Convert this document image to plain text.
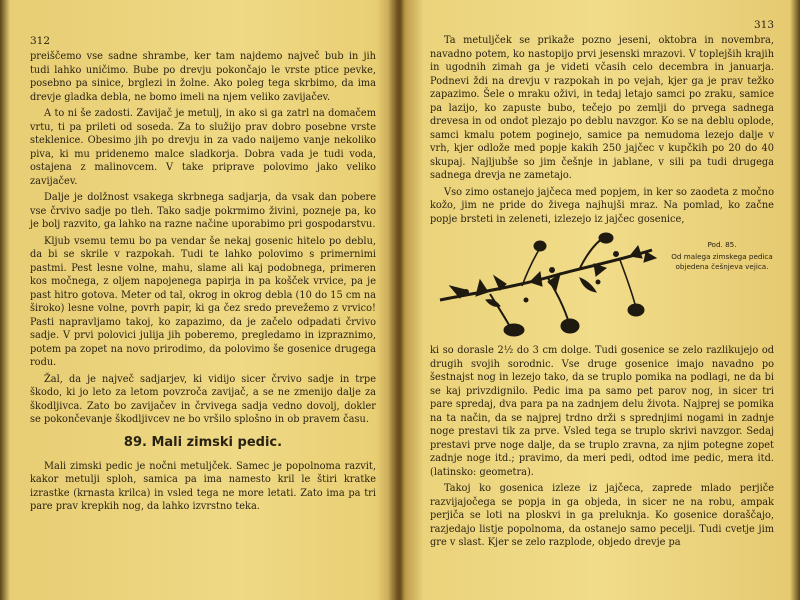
312

preiščemo vse sadne shrambe, ker tam najdemo največ bub in jih tudi lahko uničimo. Bube po drevju pokončajo le vrste ptice pevke, posebno pa sinice, brglezi in žolne. Ako poleg tega skrbimo, da ima drevje gladka debla, ne bomo imeli na njem veliko zavijačev.

A to ni še zadosti. Zavijač je metulj, in ako si ga zatrl na domačem vrtu, ti pa prileti od soseda. Za to služijo prav dobro posebne vrste steklenice. Obesimo jih po drevju in za vado naijemo vanje nekoliko piva, ki mu pridenemo malce sladkorja. Dobra vada je tudi voda, ostajena z malinovcem. V take priprave polovimo jako veliko zavijačev.

Dalje je dolžnost vsakega skrbnega sadjarja, da vsak dan pobere vse črvivo sadje po tleh. Tako sadje pokrmimo živini, pozneje pa, ko je bolj razvito, ga lahko na razne načine uporabimo pri gospodarstvu.

Kljub vsemu temu bo pa vendar še nekaj gosenic hitelo po deblu, da bi se skrile v razpokah. Tudi te lahko polovimo s primernimi pastmi. Pest lesne volne, mahu, slame ali kaj podobnega, primeren kos močnega, z oljem napojenega papirja in pa košček vrvice, pa je past hitro gotova. Meter od tal, okrog in okrog debla (10 do 15 cm na široko) lesne volne, povrh papir, ki ga čez sredo prevežemo z vrvico! Pasti napravljamo takoj, ko zapazimo, da je začelo odpadati črvivo sadje. V prvi polovici julija jih poberemo, pregledamo in izpraznimo, potem pa zopet na novo prirodimo, da polovimo še gosenice drugega rodu.

Žal, da je največ sadjarjev, ki vidijo sicer črvivo sadje in trpe škodo, ki jo leto za letom povzroča zavijač, a se ne zmenijo dalje za škodljivca. Zato bo zavijačev in črvivega sadja vedno dovolj, dokler se pokončevanje škodljivcev ne bo vršilo splošno in ob pravem času.

89. Mali zimski pedic.

Mali zimski pedic je nočni metuljček. Samec je popolnoma razvit, kakor metulji sploh, samica pa ima namesto kril le štiri kratke izrastke (krnasta krilca) in vsled tega ne more letati. Zato ima pa tri pare prav krepkih nog, da lahko izvrstno teka.

313

Ta metuljček se prikaže pozno jeseni, oktobra in novembra, navadno potem, ko nastopijo prvi jesenski mrazovi. V toplejših krajih in ugodnih zimah ga je videti včasih celo decembra in januarja. Podnevi ždi na drevju v razpokah in po vejah, kjer ga je prav težko zapazimo. Šele o mraku oživi, in tedaj letajo samci po zraku, samice pa lazijo, ko zapuste bubo, tečejo po zemlji do prvega sadnega drevesa in od ondot plezajo po deblu navzgor. Ko se na deblu oplode, samci kmalu potem poginejo, samice pa nemudoma lezejo dalje v vrh, kjer odlože med popje kakih 250 jajčec v kupčkih po 20 do 40 skupaj. Najljubše so jim češnje in jablane, v sili pa tudi drugega sadnega drevja ne zametajo.

Vso zimo ostanejo jajčeca med popjem, in ker so zaodeta z močno kožo, jim ne pride do živega najhujši mraz. Na pomlad, ko začne popje brsteti in zeleneti, izlezejo iz jajčec gosenice,

Pod. 85.
Od malega zimskega pedica objedena češnjeva vejica.

ki so dorasle 2½ do 3 cm dolge. Tudi gosenice se zelo razlikujejo od drugih svojih sorodnic. Vse druge gosenice imajo navadno po šestnajst nog in lezejo tako, da se truplo pomika na podlagi, ne da bi se kaj privzdignilo. Pedic ima pa samo pet parov nog, in sicer tri pare spredaj, dva para pa na zadnjem delu života. Najprej se pomika na ta način, da se najprej trdno drži s sprednjimi nogami in zadnje noge prestavi tik za prve. Vsled tega se truplo skrivi navzgor. Sedaj prestavi prve noge dalje, da se truplo zravna, za njim potegne zopet zadnje noge itd.; pravimo, da meri pedi, odtod ime pedic, mera itd. (latinsko: geometra).

Takoj ko gosenica izleze iz jajčeca, zaprede mlado perjiče razvijajočega se popja in ga objeda, in sicer ne na robu, ampak perjiča se loti na ploskvi in ga preluknja. Ko gosenice doraščajo, razjedajo listje popolnoma, da ostanejo samo pecelji. Tudi cvetje jim gre v slast. Kjer se zelo razplode, objedo drevje pa
